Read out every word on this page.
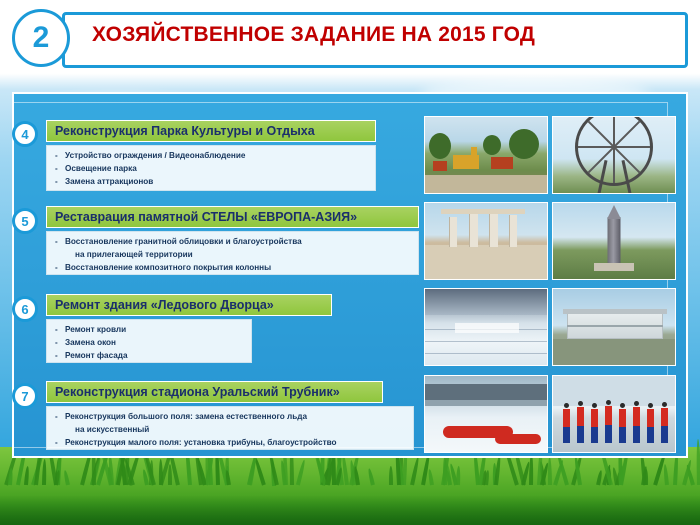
2	ХОЗЯЙСТВЕННОЕ ЗАДАНИЕ НА 2015 ГОД
4	Реконструкция Парка Культуры и Отдыха
- Устройство ограждения / Видеонаблюдение
- Освещение парка
- Замена аттракционов
5	Реставрация памятной СТЕЛЫ «ЕВРОПА-АЗИЯ»
- Восстановление гранитной облицовки и благоустройства
на прилегающей территории
- Восстановление композитного покрытия колонны
6	Ремонт здания «Ледового Дворца»
- Ремонт кровли
- Замена окон
- Ремонт фасада
7	Реконструкция стадиона Уральский Трубник»
- Реконструкция большого поля: замена естественного льда
на искусственный
- Реконструкция малого поля: установка трибуны, благоустройство
